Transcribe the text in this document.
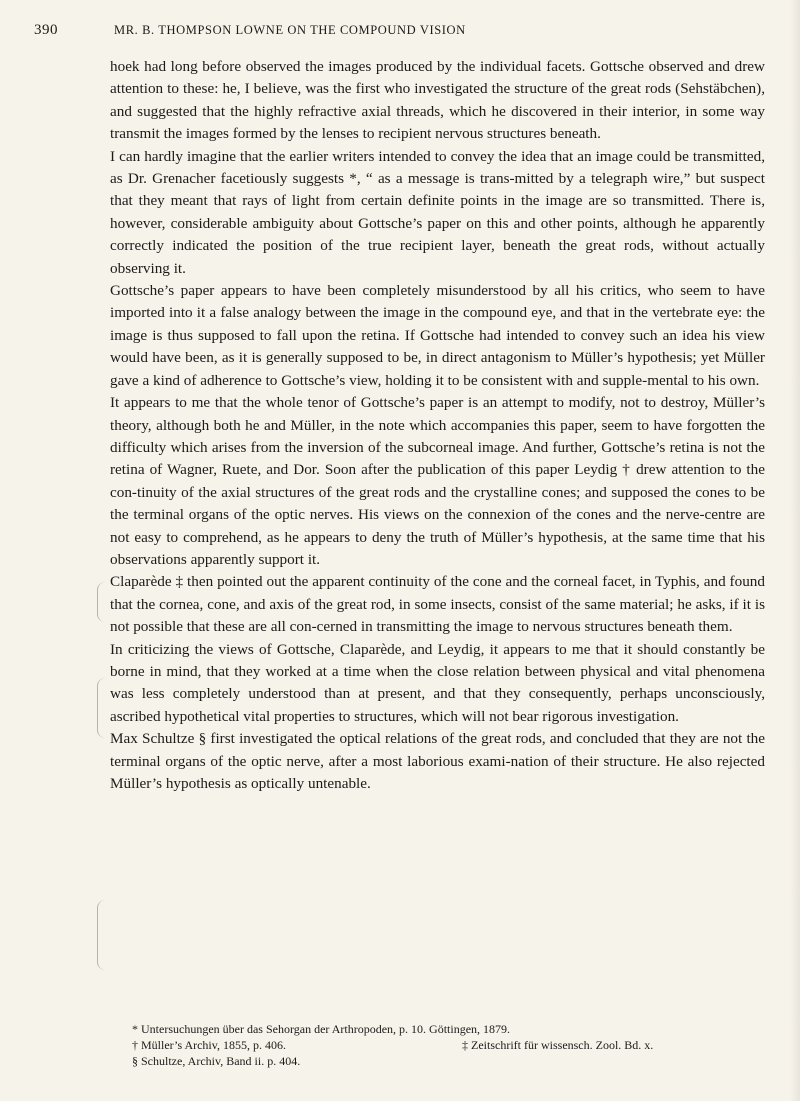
390	MR. B. THOMPSON LOWNE ON THE COMPOUND VISION

hoek had long before observed the images produced by the individual facets. Gottsche observed and drew attention to these: he, I believe, was the first who investigated the structure of the great rods (Sehstäbchen), and suggested that the highly refractive axial threads, which he discovered in their interior, in some way transmit the images formed by the lenses to recipient nervous structures beneath.

I can hardly imagine that the earlier writers intended to convey the idea that an image could be transmitted, as Dr. Grenacher facetiously suggests *, “ as a message is trans-mitted by a telegraph wire,” but suspect that they meant that rays of light from certain definite points in the image are so transmitted. There is, however, considerable ambiguity about Gottsche’s paper on this and other points, although he apparently correctly indicated the position of the true recipient layer, beneath the great rods, without actually observing it.

Gottsche’s paper appears to have been completely misunderstood by all his critics, who seem to have imported into it a false analogy between the image in the compound eye, and that in the vertebrate eye: the image is thus supposed to fall upon the retina. If Gottsche had intended to convey such an idea his view would have been, as it is generally supposed to be, in direct antagonism to Müller’s hypothesis; yet Müller gave a kind of adherence to Gottsche’s view, holding it to be consistent with and supple-mental to his own.

It appears to me that the whole tenor of Gottsche’s paper is an attempt to modify, not to destroy, Müller’s theory, although both he and Müller, in the note which accompanies this paper, seem to have forgotten the difficulty which arises from the inversion of the subcorneal image. And further, Gottsche’s retina is not the retina of Wagner, Ruete, and Dor. Soon after the publication of this paper Leydig † drew attention to the con-tinuity of the axial structures of the great rods and the crystalline cones; and supposed the cones to be the terminal organs of the optic nerves. His views on the connexion of the cones and the nerve-centre are not easy to comprehend, as he appears to deny the truth of Müller’s hypothesis, at the same time that his observations apparently support it.

Claparède ‡ then pointed out the apparent continuity of the cone and the corneal facet, in Typhis, and found that the cornea, cone, and axis of the great rod, in some insects, consist of the same material; he asks, if it is not possible that these are all con-cerned in transmitting the image to nervous structures beneath them.

In criticizing the views of Gottsche, Claparède, and Leydig, it appears to me that it should constantly be borne in mind, that they worked at a time when the close relation between physical and vital phenomena was less completely understood than at present, and that they consequently, perhaps unconsciously, ascribed hypothetical vital properties to structures, which will not bear rigorous investigation.

Max Schultze § first investigated the optical relations of the great rods, and concluded that they are not the terminal organs of the optic nerve, after a most laborious exami-nation of their structure. He also rejected Müller’s hypothesis as optically untenable.

* Untersuchungen über das Sehorgan der Arthropoden, p. 10. Göttingen, 1879.
† Müller’s Archiv, 1855, p. 406.	‡ Zeitschrift für wissensch. Zool. Bd. x.
§ Schultze, Archiv, Band ii. p. 404.
